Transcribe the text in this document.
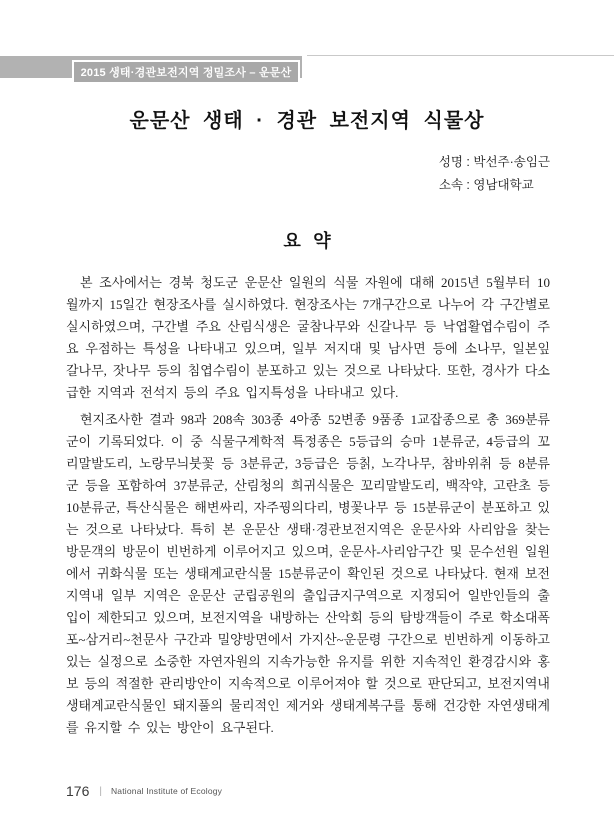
2015 생태·경관보전지역 정밀조사 – 운문산
운문산 생태 · 경관 보전지역 식물상
성명 : 박선주·송임근
소속 : 영남대학교
요 약

본 조사에서는 경북 청도군 운문산 일원의 식물 자원에 대해 2015년 5월부터 10월까지 15일간 현장조사를 실시하였다. 현장조사는 7개구간으로 나누어 각 구간별로 실시하였으며, 구간별 주요 산림식생은 굴참나무와 신갈나무 등 낙엽활엽수림이 주요 우점하는 특성을 나타내고 있으며, 일부 저지대 및 남사면 등에 소나무, 일본잎갈나무, 잣나무 등의 침엽수림이 분포하고 있는 것으로 나타났다. 또한, 경사가 다소 급한 지역과 전석지 등의 주요 입지특성을 나타내고 있다.

현지조사한 결과 98과 208속 303종 4아종 52변종 9품종 1교잡종으로 총 369분류군이 기록되었다. 이 중 식물구계학적 특정종은 5등급의 승마 1분류군, 4등급의 꼬리말발도리, 노랑무늬붓꽃 등 3분류군, 3등급은 등칡, 노각나무, 참바위취 등 8분류군 등을 포함하여 37분류군, 산림청의 희귀식물은 꼬리말발도리, 백작약, 고란초 등 10분류군, 특산식물은 해변싸리, 자주꿩의다리, 병꽃나무 등 15분류군이 분포하고 있는 것으로 나타났다. 특히 본 운문산 생태·경관보전지역은 운문사와 사리암을 찾는 방문객의 방문이 빈번하게 이루어지고 있으며, 운문사-사리암구간 및 문수선원 일원에서 귀화식물 또는 생태계교란식물 15분류군이 확인된 것으로 나타났다. 현재 보전지역내 일부 지역은 운문산 군립공원의 출입금지구역으로 지정되어 일반인들의 출입이 제한되고 있으며, 보전지역을 내방하는 산악회 등의 탐방객들이 주로 학소대폭포~삼거리~천문사 구간과 밀양방면에서 가지산~운문령 구간으로 빈번하게 이동하고 있는 실정으로 소중한 자연자원의 지속가능한 유지를 위한 지속적인 환경감시와 홍보 등의 적절한 관리방안이 지속적으로 이루어져야 할 것으로 판단되고, 보전지역내 생태계교란식물인 돼지풀의 물리적인 제거와 생태계복구를 통해 건강한 자연생태계를 유지할 수 있는 방안이 요구된다.

176 | National Institute of Ecology
